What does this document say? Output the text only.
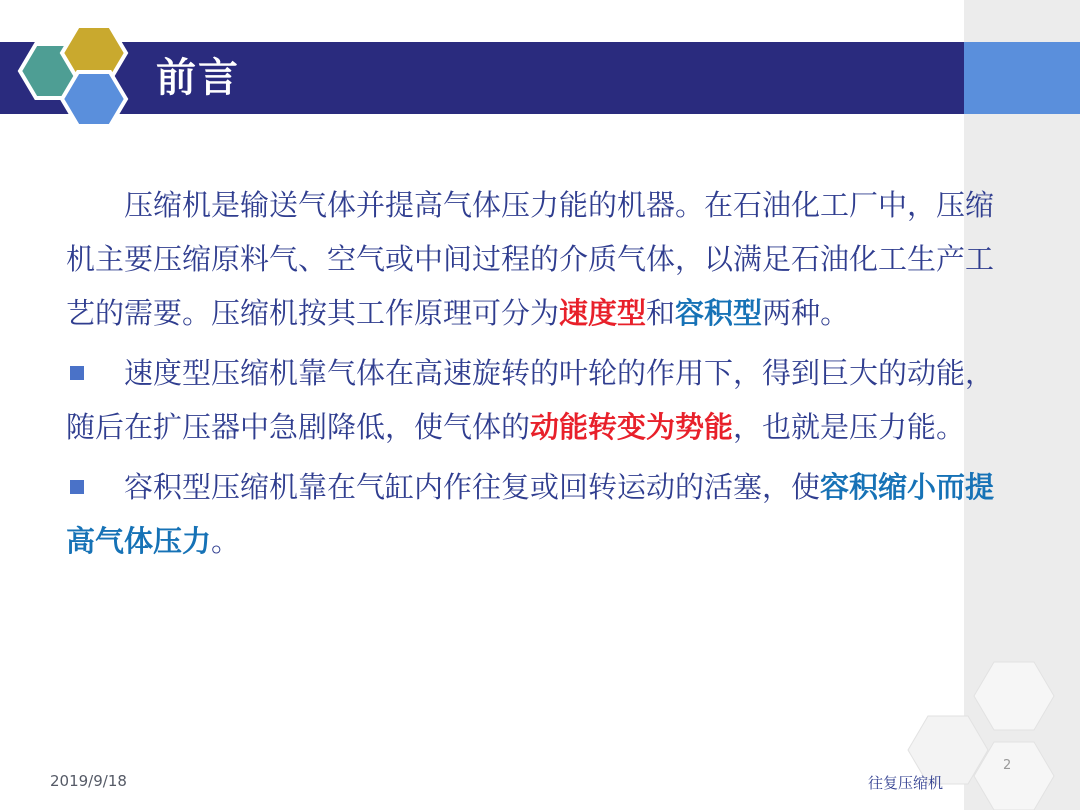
前言

压缩机是输送气体并提高气体压力能的机器。在石油化工厂中，压缩机主要压缩原料气、空气或中间过程的介质气体，以满足石油化工生产工艺的需要。压缩机按其工作原理可分为速度型和容积型两种。

速度型压缩机靠气体在高速旋转的叶轮的作用下，得到巨大的动能，随后在扩压器中急剧降低，使气体的动能转变为势能，也就是压力能。

容积型压缩机靠在气缸内作往复或回转运动的活塞，使容积缩小而提高气体压力。

2019/9/18	往复压缩机
2
